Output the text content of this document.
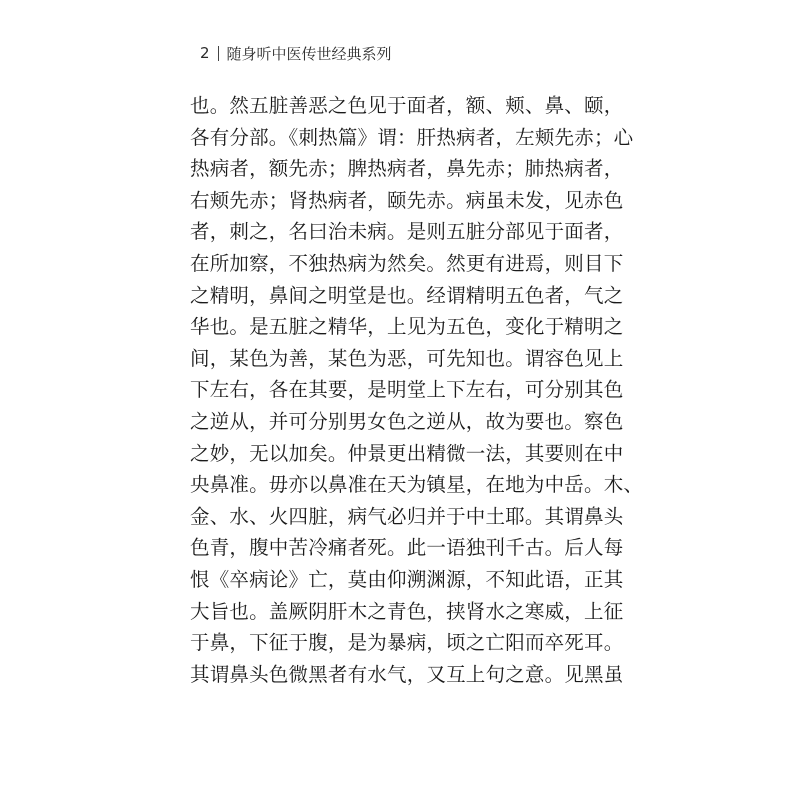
2 随身听中医传世经典系列
也。然五脏善恶之色见于面者，额、颊、鼻、颐，
各有分部。《刺热篇》谓：肝热病者，左颊先赤；心
热病者，额先赤；脾热病者，鼻先赤；肺热病者，
右颊先赤；肾热病者，颐先赤。病虽未发，见赤色
者，刺之，名曰治未病。是则五脏分部见于面者，
在所加察，不独热病为然矣。然更有进焉，则目下
之精明，鼻间之明堂是也。经谓精明五色者，气之
华也。是五脏之精华，上见为五色，变化于精明之
间，某色为善，某色为恶，可先知也。谓容色见上
下左右，各在其要，是明堂上下左右，可分别其色
之逆从，并可分别男女色之逆从，故为要也。察色
之妙，无以加矣。仲景更出精微一法，其要则在中
央鼻准。毋亦以鼻准在天为镇星，在地为中岳。木、
金、水、火四脏，病气必归并于中土耶。其谓鼻头
色青，腹中苦冷痛者死。此一语独刊千古。后人每
恨《卒病论》亡，莫由仰溯渊源，不知此语，正其
大旨也。盖厥阴肝木之青色，挟肾水之寒威，上征
于鼻，下征于腹，是为暴病，顷之亡阳而卒死耳。
其谓鼻头色微黑者有水气，又互上句之意。见黑虽
